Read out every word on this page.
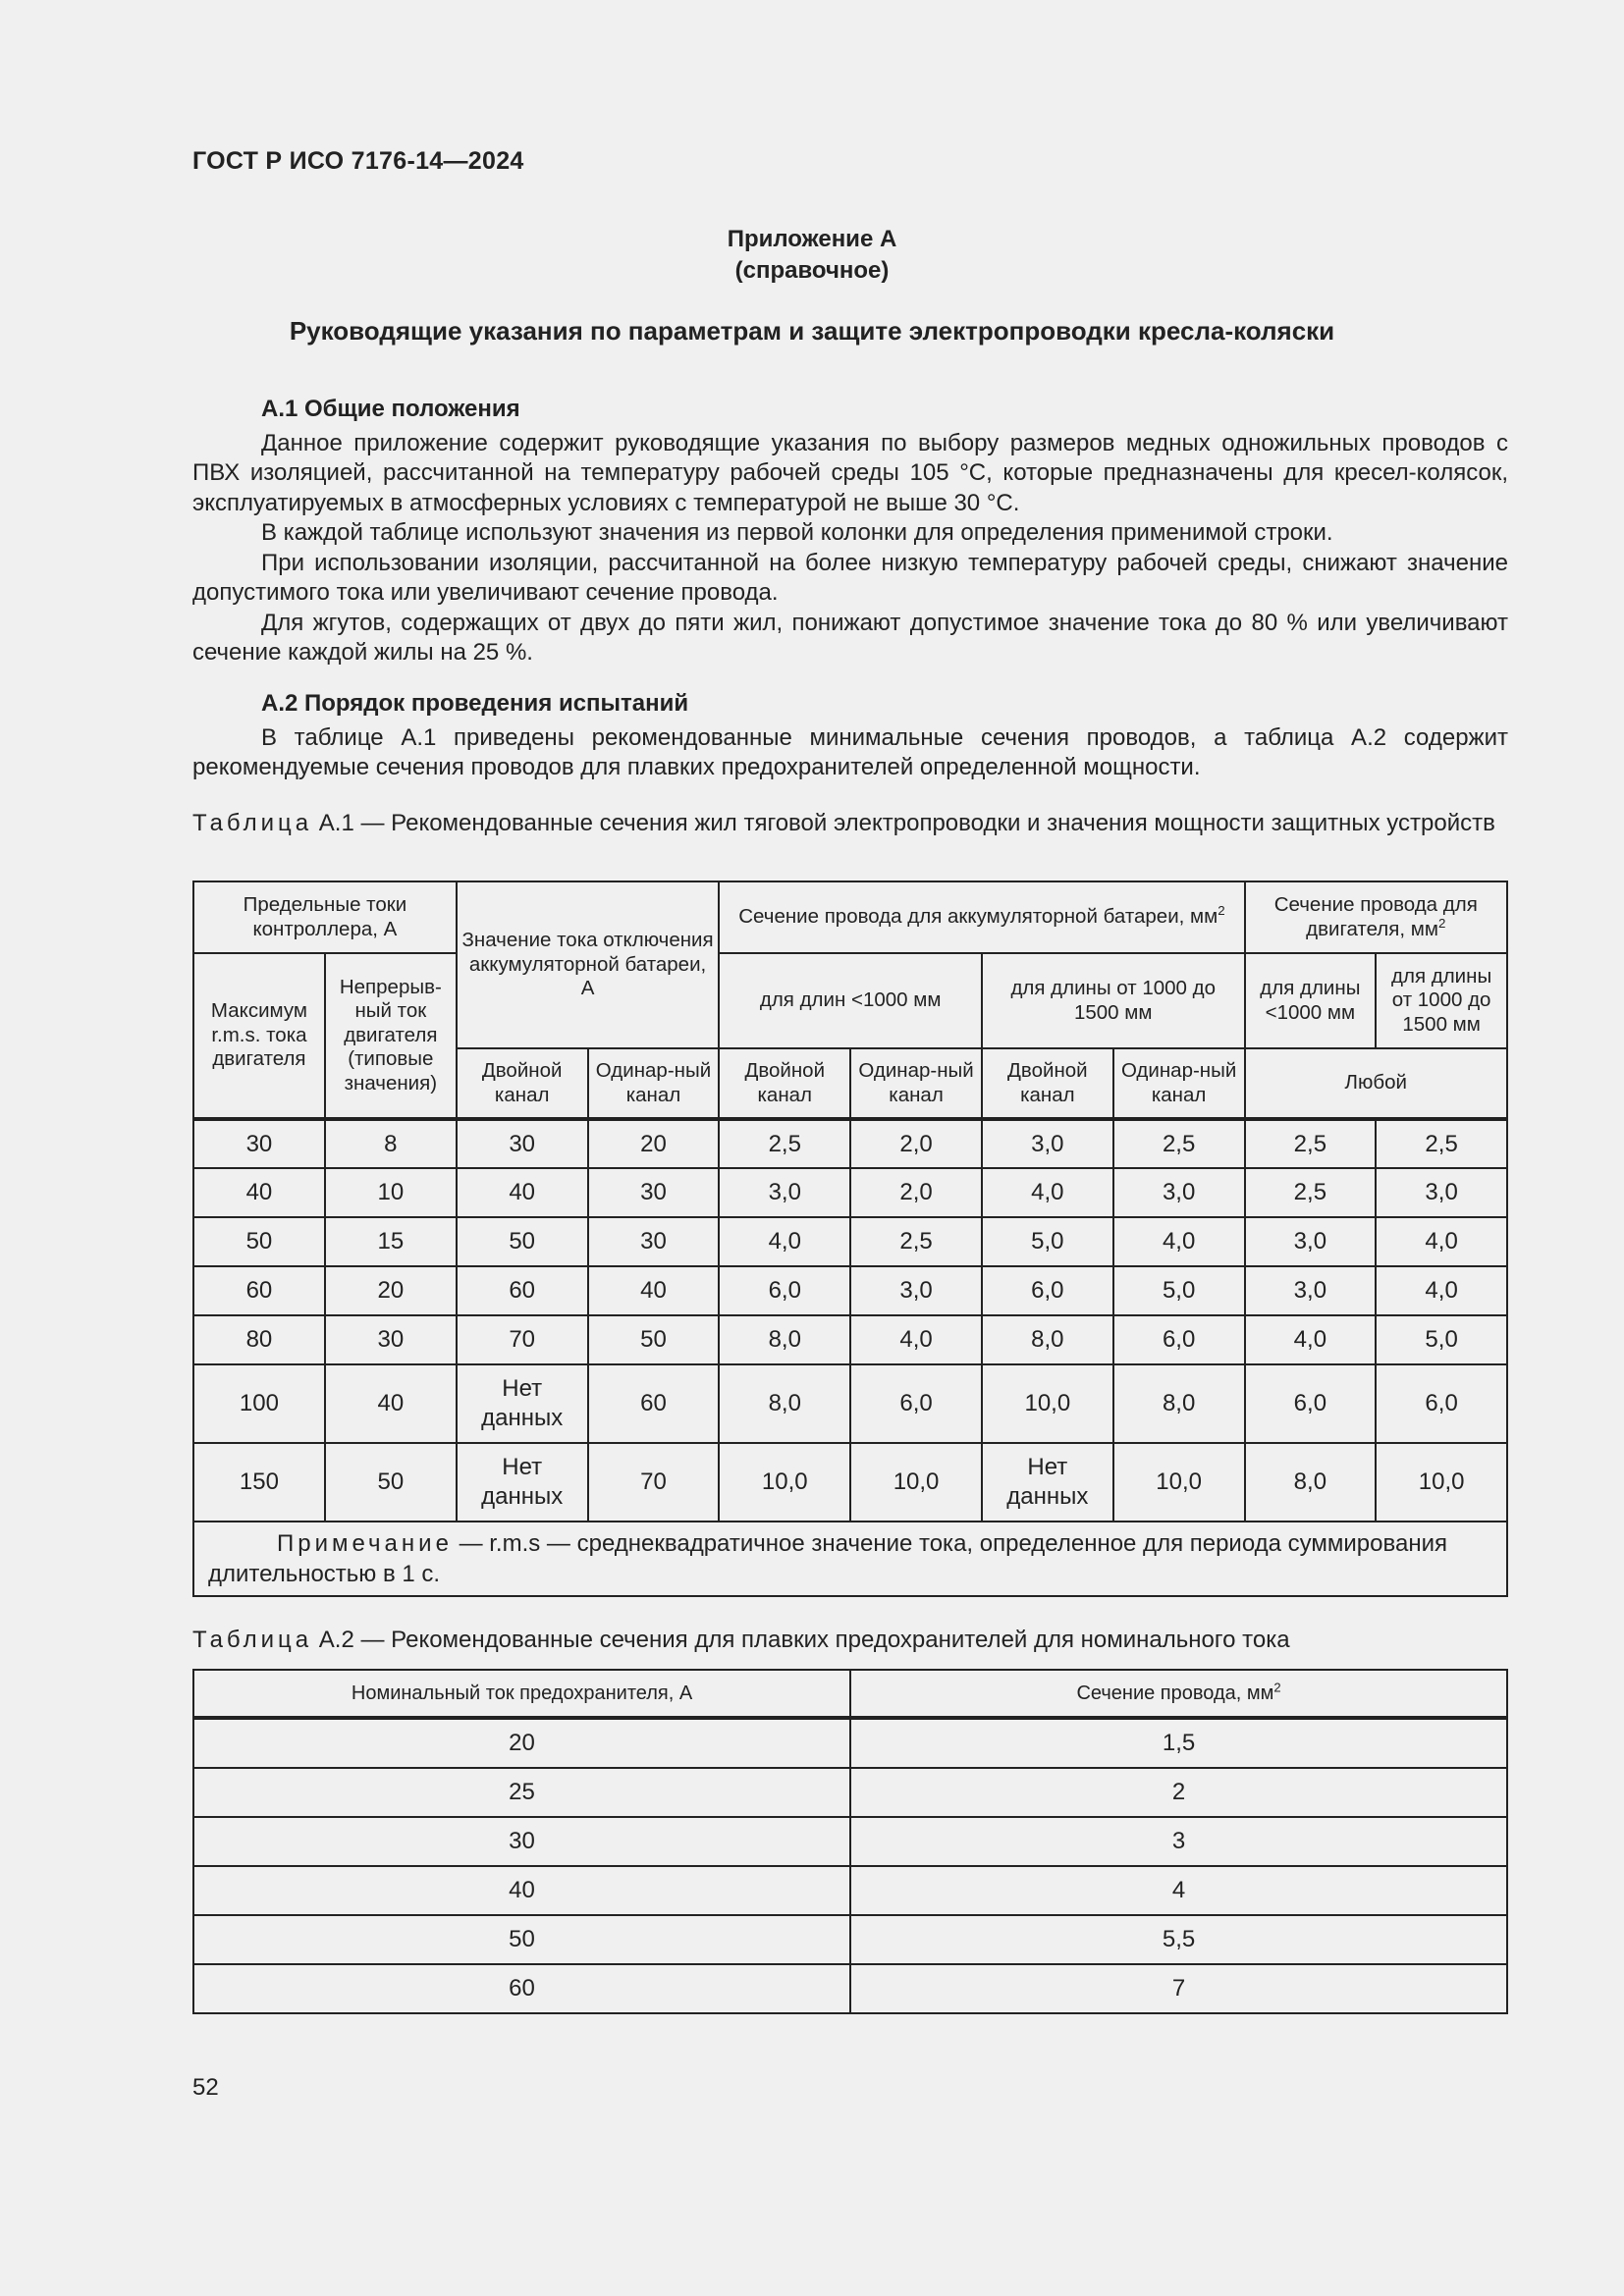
ГОСТ Р ИСО 7176-14—2024
Приложение А
(справочное)
Руководящие указания по параметрам и защите электропроводки кресла-коляски
А.1 Общие положения
Данное приложение содержит руководящие указания по выбору размеров медных одножильных проводов с ПВХ изоляцией, рассчитанной на температуру рабочей среды 105 °С, которые предназначены для кресел-колясок, эксплуатируемых в атмосферных условиях с температурой не выше 30 °С.
В каждой таблице используют значения из первой колонки для определения применимой строки.
При использовании изоляции, рассчитанной на более низкую температуру рабочей среды, снижают значение допустимого тока или увеличивают сечение провода.
Для жгутов, содержащих от двух до пяти жил, понижают допустимое значение тока до 80 % или увеличивают сечение каждой жилы на 25 %.
А.2 Порядок проведения испытаний
В таблице А.1 приведены рекомендованные минимальные сечения проводов, а таблица А.2 содержит рекомендуемые сечения проводов для плавких предохранителей определенной мощности.
Таблица А.1 — Рекомендованные сечения жил тяговой электропроводки и значения мощности защитных устройств
Предельные токи контроллера, А		Значение тока отключения аккумуляторной батареи, А		Сечение провода для аккумуляторной батареи, $мм^2$				Сечение провода для двигателя, $мм^2$
Максимум r.m.s. тока двигателя	Непрерыв-ный ток двигателя (типовые значения)			для длин <1000 мм		для длины от 1000 до 1500 мм		для длины <1000 мм	для длины от 1000 до 1500 мм
		Двойной канал	Одинар-ный канал	Двойной канал	Одинар-ный канал	Двойной канал	Одинар-ный канал	Любой	
30	8	30	20	2,5	2,0	3,0	2,5	2,5	2,5
40	10	40	30	3,0	2,0	4,0	3,0	2,5	3,0
50	15	50	30	4,0	2,5	5,0	4,0	3,0	4,0
60	20	60	40	6,0	3,0	6,0	5,0	3,0	4,0
80	30	70	50	8,0	4,0	8,0	6,0	4,0	5,0
100	40	Нет данных	60	8,0	6,0	10,0	8,0	6,0	6,0
150	50	Нет данных	70	10,0	10,0	Нет данных	10,0	8,0	10,0
Примечание — r.m.s — среднеквадратичное значение тока, определенное для периода суммирования длительностью в 1 с.									
Таблица А.2 — Рекомендованные сечения для плавких предохранителей для номинального тока
Номинальный ток предохранителя, А	Сечение провода, $мм^2$
20	1,5
25	2
30	3
40	4
50	5,5
60	7
52
